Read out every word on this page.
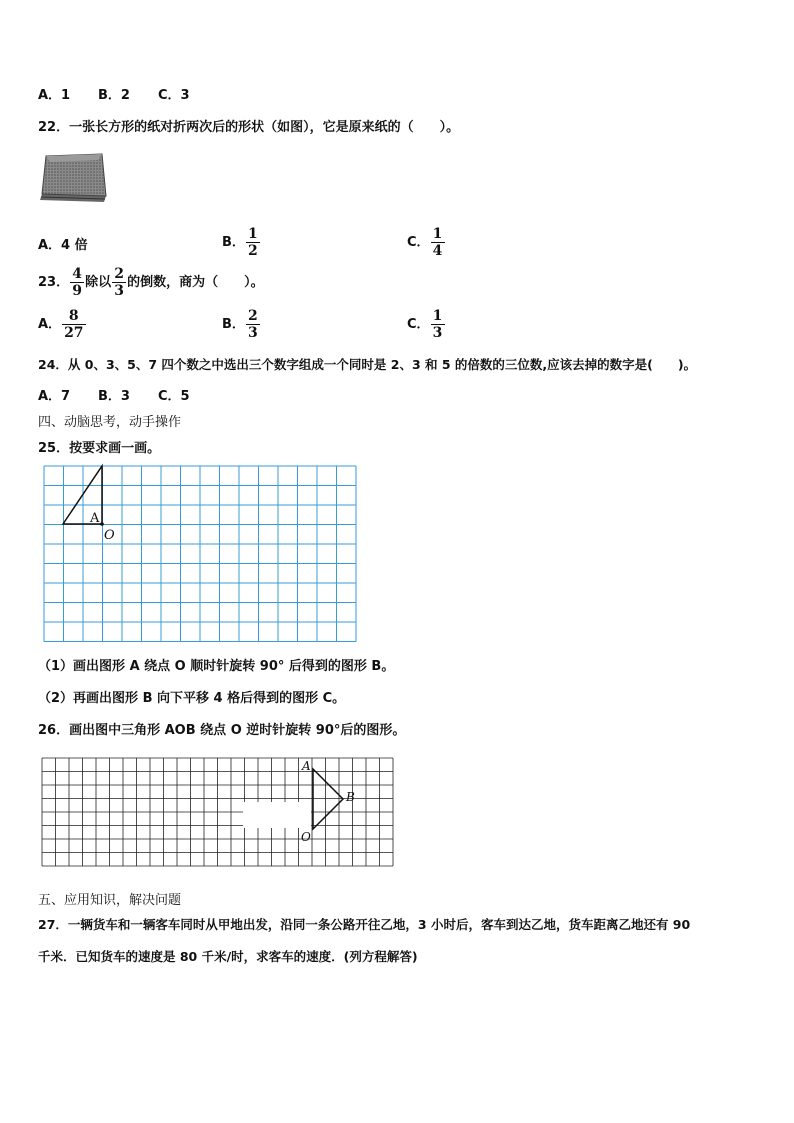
A．1 B．2 C．3
22．一张长方形的纸对折两次后的形状（如图），它是原来纸的（　　）。
A．4 倍	B． $\frac{1}{2}$	C． $\frac{1}{4}$
23． $\frac{4}{9}$ 除以 $\frac{2}{3}$ 的倒数，商为（　　）。
A． $\frac{8}{27}$	B． $\frac{2}{3}$	C． $\frac{1}{3}$
24．从 0、3、5、7 四个数之中选出三个数字组成一个同时是 2、3 和 5 的倍数的三位数,应该去掉的数字是(　　)。
A．7 B．3 C．5
四、动脑思考，动手操作
25．按要求画一画。
A
O
（1）画出图形 A 绕点 O 顺时针旋转 90° 后得到的图形 B。
（2）再画出图形 B 向下平移 4 格后得到的图形 C。
26．画出图中三角形 AOB 绕点 O 逆时针旋转 90°后的图形。
A
B
O
五、应用知识，解决问题
27．一辆货车和一辆客车同时从甲地出发，沿同一条公路开往乙地，3 小时后，客车到达乙地，货车距离乙地还有 90
千米．已知货车的速度是 80 千米/时，求客车的速度．(列方程解答)
